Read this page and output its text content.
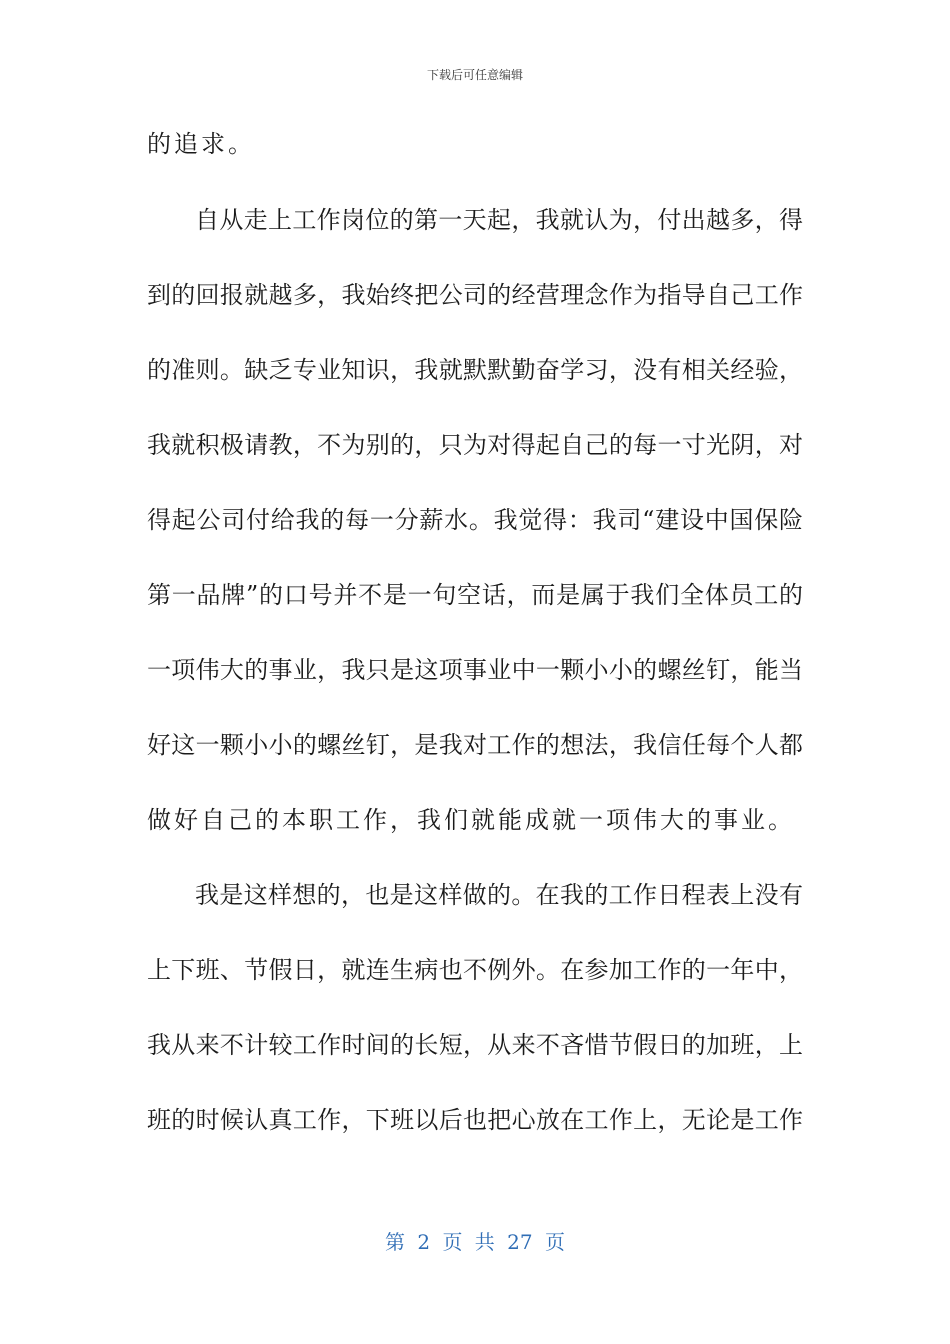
下载后可任意编辑
的追求。
自从走上工作岗位的第一天起，我就认为，付出越多，得
到的回报就越多，我始终把公司的经营理念作为指导自己工作
的准则。缺乏专业知识，我就默默勤奋学习，没有相关经验，
我就积极请教，不为别的，只为对得起自己的每一寸光阴，对
得起公司付给我的每一分薪水。我觉得：我司“建设中国保险
第一品牌”的口号并不是一句空话，而是属于我们全体员工的
一项伟大的事业，我只是这项事业中一颗小小的螺丝钉，能当
好这一颗小小的螺丝钉，是我对工作的想法，我信任每个人都
做好自己的本职工作，我们就能成就一项伟大的事业。
我是这样想的，也是这样做的。在我的工作日程表上没有
上下班、节假日，就连生病也不例外。在参加工作的一年中，
我从来不计较工作时间的长短，从来不吝惜节假日的加班，上
班的时候认真工作，下班以后也把心放在工作上，无论是工作
第 2 页 共 27 页
